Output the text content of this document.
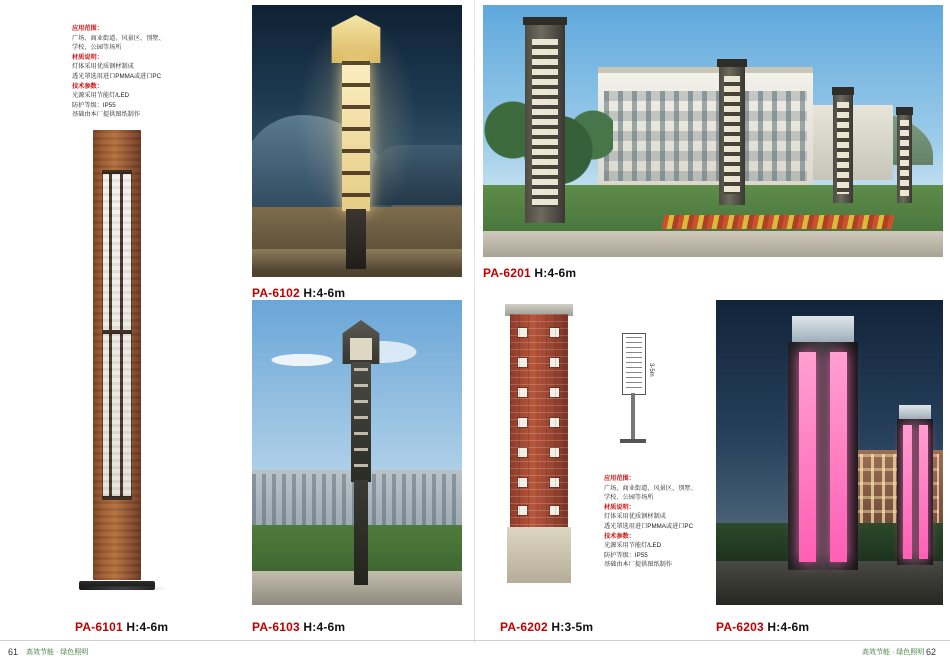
应用范围：
广场、商业街道、风景区、别墅、
学校、公园等场所
材质说明：
灯体采用优质钢材制成
透光罩选用进口PMMA或进口PC
技术参数：
光源采用节能灯/LED
防护等级：IP55
基础由本厂提供图纸制作
PA-6101 H:4-6m
PA-6102 H:4-6m
PA-6201 H:4-6m
PA-6103 H:4-6m	PA-6202 H:3-5m
3-5m
应用范围：
广场、商业街道、风景区、别墅、
学校、公园等场所
材质说明：
灯体采用优质钢材制成
透光罩选用进口PMMA或进口PC
技术参数：
光源采用节能灯/LED
防护等级：IP55
基础由本厂提供图纸制作
PA-6203 H:4-6m
61 高效节能 · 绿色照明	62
高效节能 · 绿色照明
